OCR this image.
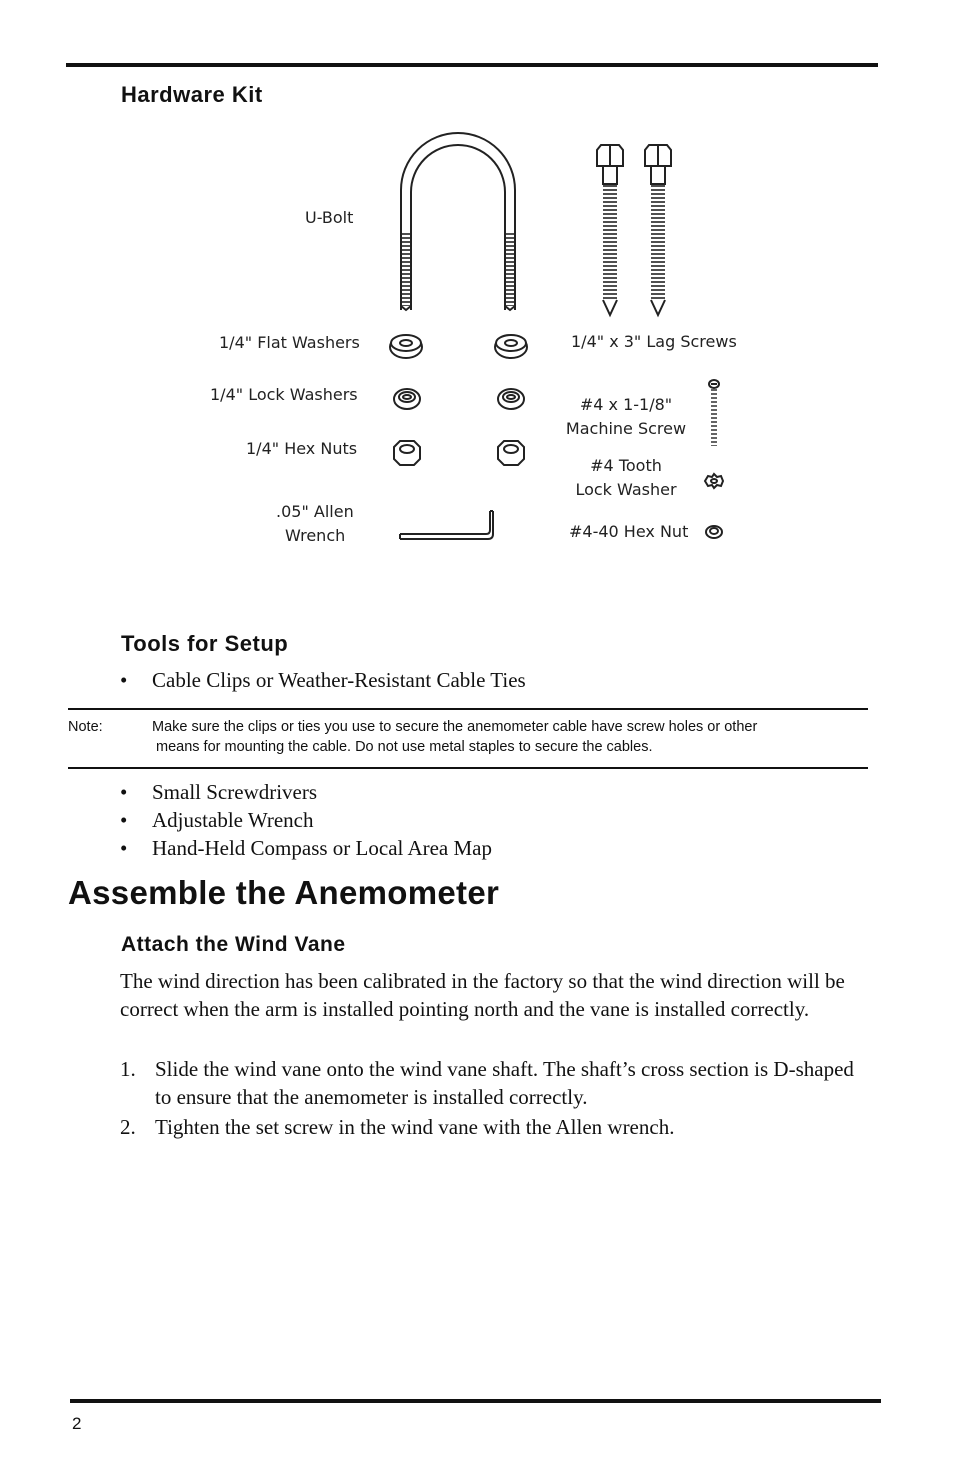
Hardware Kit
U-Bolt
1/4" Flat Washers
1/4" Lock Washers
1/4" Hex Nuts
.05" Allen
Wrench
1/4" x 3" Lag Screws
#4 x 1-1/8"
Machine Screw
#4 Tooth
Lock Washer
#4-40 Hex Nut
Tools for Setup
• Cable Clips or Weather-Resistant Cable Ties
Note:	Make sure the clips or ties you use to secure the anemometer cable have screw holes or other
means for mounting the cable. Do not use metal staples to secure the cables.
• Small Screwdrivers
• Adjustable Wrench
• Hand-Held Compass or Local Area Map
Assemble the Anemometer
Attach the Wind Vane
The wind direction has been calibrated in the factory so that the wind direction will be correct when the arm is installed pointing north and the vane is installed correctly.
1. Slide the wind vane onto the wind vane shaft. The shaft’s cross section is D-shaped to ensure that the anemometer is installed correctly.
2. Tighten the set screw in the wind vane with the Allen wrench.
2
